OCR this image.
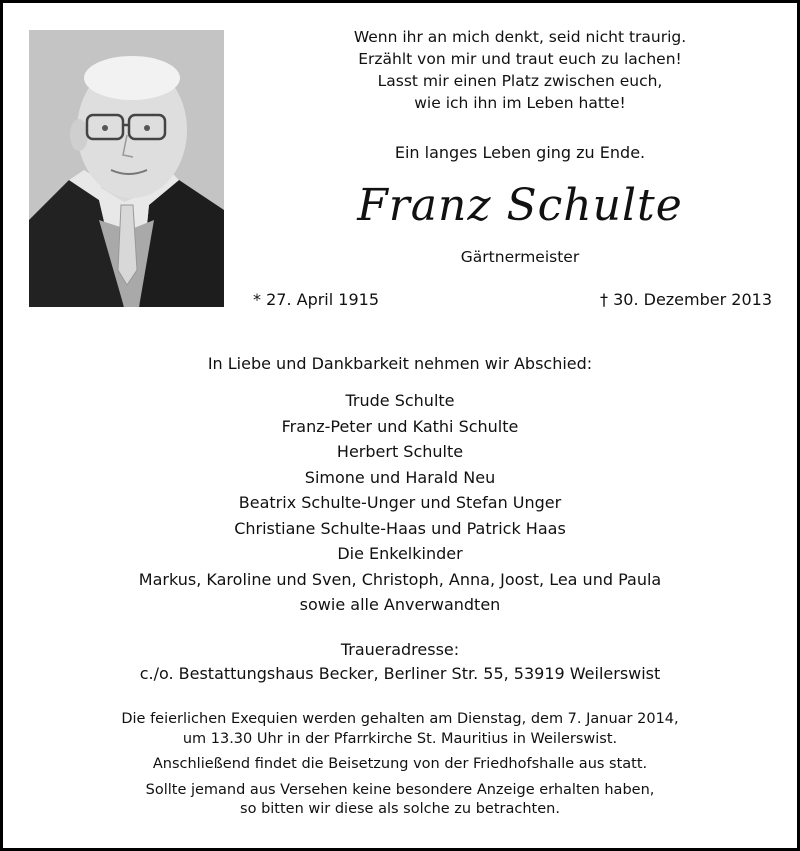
Wenn ihr an mich denkt, seid nicht traurig.
Erzählt von mir und traut euch zu lachen!
Lasst mir einen Platz zwischen euch,
wie ich ihn im Leben hatte!
Ein langes Leben ging zu Ende.
Franz Schulte
Gärtnermeister
* 27. April 1915	† 30. Dezember 2013
In Liebe und Dankbarkeit nehmen wir Abschied:
Trude Schulte
Franz-Peter und Kathi Schulte
Herbert Schulte
Simone und Harald Neu
Beatrix Schulte-Unger und Stefan Unger
Christiane Schulte-Haas und Patrick Haas
Die Enkelkinder
Markus, Karoline und Sven, Christoph, Anna, Joost, Lea und Paula
sowie alle Anverwandten
Traueradresse:
c./o. Bestattungshaus Becker, Berliner Str. 55, 53919 Weilerswist
Die feierlichen Exequien werden gehalten am Dienstag, dem 7. Januar 2014,
um 13.30 Uhr in der Pfarrkirche St. Mauritius in Weilerswist.
Anschließend findet die Beisetzung von der Friedhofshalle aus statt.
Sollte jemand aus Versehen keine besondere Anzeige erhalten haben,
so bitten wir diese als solche zu betrachten.
